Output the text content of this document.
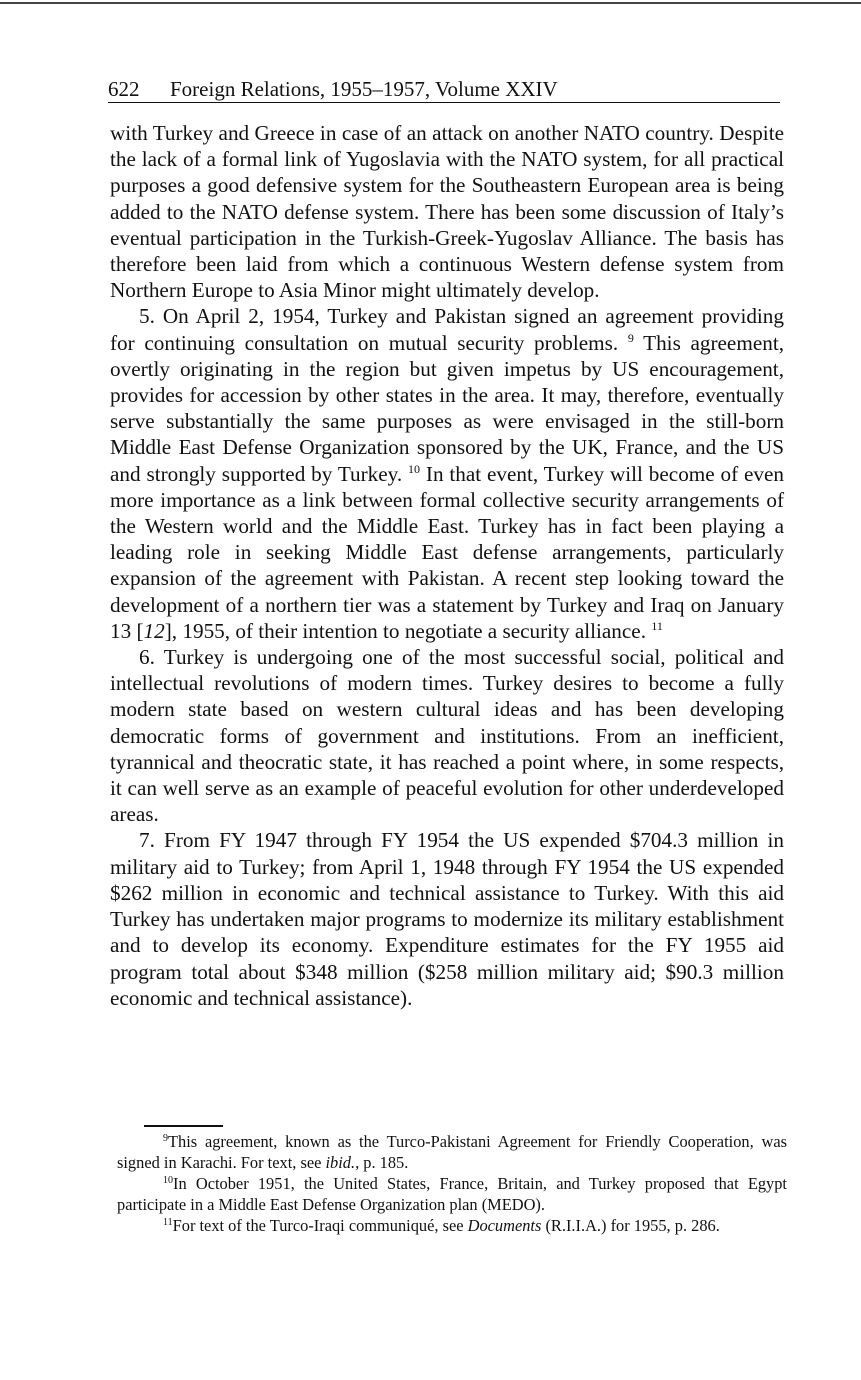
622 Foreign Relations, 1955–1957, Volume XXIV

with Turkey and Greece in case of an attack on another NATO country. Despite the lack of a formal link of Yugoslavia with the NATO system, for all practical purposes a good defensive system for the Southeastern European area is being added to the NATO defense system. There has been some discussion of Italy’s eventual participation in the Turkish-Greek-Yugoslav Alliance. The basis has therefore been laid from which a continuous Western defense system from Northern Europe to Asia Minor might ultimately develop.

5. On April 2, 1954, Turkey and Pakistan signed an agreement providing for continuing consultation on mutual security problems. $^9$ This agreement, overtly originating in the region but given impetus by US encouragement, provides for accession by other states in the area. It may, therefore, eventually serve substantially the same purposes as were envisaged in the still-born Middle East Defense Organization sponsored by the UK, France, and the US and strongly supported by Turkey. $^{10}$ In that event, Turkey will become of even more importance as a link between formal collective security arrangements of the Western world and the Middle East. Turkey has in fact been playing a leading role in seeking Middle East defense arrangements, particularly expansion of the agreement with Pakistan. A recent step looking toward the development of a northern tier was a statement by Turkey and Iraq on January 13 [12], 1955, of their intention to negotiate a security alliance. $^{11}$

6. Turkey is undergoing one of the most successful social, political and intellectual revolutions of modern times. Turkey desires to become a fully modern state based on western cultural ideas and has been developing democratic forms of government and institutions. From an inefficient, tyrannical and theocratic state, it has reached a point where, in some respects, it can well serve as an example of peaceful evolution for other underdeveloped areas.

7. From FY 1947 through FY 1954 the US expended $704.3 million in military aid to Turkey; from April 1, 1948 through FY 1954 the US expended $262 million in economic and technical assistance to Turkey. With this aid Turkey has undertaken major programs to modernize its military establishment and to develop its economy. Expenditure estimates for the FY 1955 aid program total about $348 million ($258 million military aid; $90.3 million economic and technical assistance).

$^9$This agreement, known as the Turco-Pakistani Agreement for Friendly Cooperation, was signed in Karachi. For text, see ibid., p. 185.

$^{10}$In October 1951, the United States, France, Britain, and Turkey proposed that Egypt participate in a Middle East Defense Organization plan (MEDO).

$^{11}$For text of the Turco-Iraqi communiqué, see Documents (R.I.I.A.) for 1955, p. 286.
